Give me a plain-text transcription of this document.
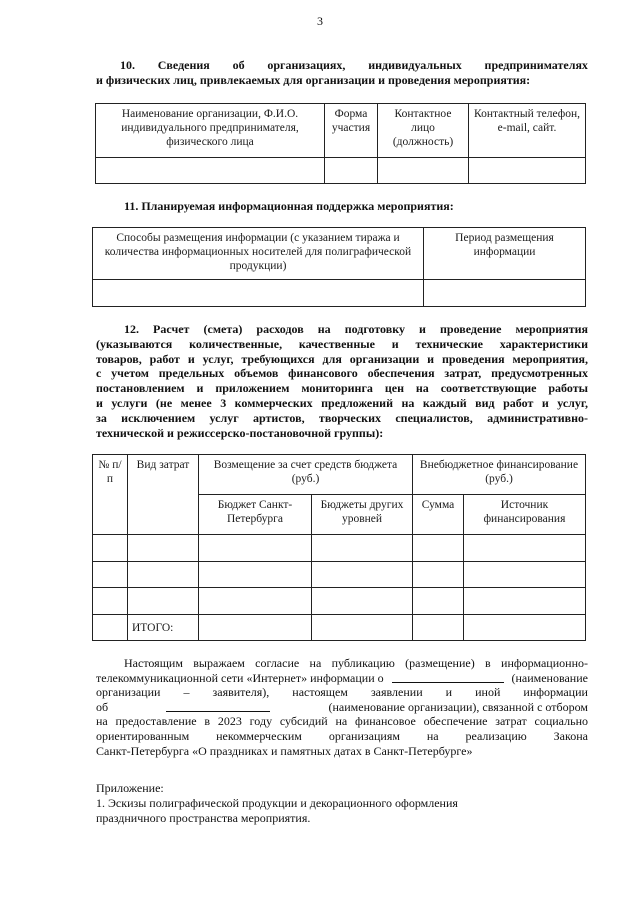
3
10. Сведения об организациях, индивидуальных предпринимателях
и физических лиц, привлекаемых для организации и проведения мероприятия:
Наименование организации, Ф.И.О. индивидуального предпринимателя, физического лица	Форма участия	Контактное лицо (должность)	Контактный телефон, e-mail, сайт.

11. Планируемая информационная поддержка мероприятия:
Способы размещения информации (с указанием тиража и количества информационных носителей для полиграфической продукции)	Период размещения информации

12. Расчет (смета) расходов на подготовку и проведение мероприятия
(указываются количественные, качественные и технические характеристики
товаров, работ и услуг, требующихся для организации и проведения мероприятия,
с учетом предельных объемов финансового обеспечения затрат, предусмотренных
постановлением и приложением мониторинга цен на соответствующие работы
и услуги (не менее 3 коммерческих предложений на каждый вид работ и услуг,
за исключением услуг артистов, творческих специалистов, административно-
технической и режиссерско-постановочной группы):
№ п/п	Вид затрат	Возмещение за счет средств бюджета (руб.)		Внебюджетное финансирование (руб.)	
		Бюджет Санкт-Петербурга	Бюджеты других уровней	Сумма	Источник финансирования

	ИТОГО:				
Настоящим выражаем согласие на публикацию (размещение) в информационно-
телекоммуникационной сети «Интернет» информации о	(наименование
организации – заявителя), настоящем заявлении и иной информации
об	(наименование организации), связанной с отбором
на предоставление в 2023 году субсидий на финансовое обеспечение затрат социально
ориентированным некоммерческим организациям на реализацию Закона
Санкт-Петербурга «О праздниках и памятных датах в Санкт-Петербурге»
Приложение:
1. Эскизы полиграфической продукции и декорационного оформления
праздничного пространства мероприятия.
